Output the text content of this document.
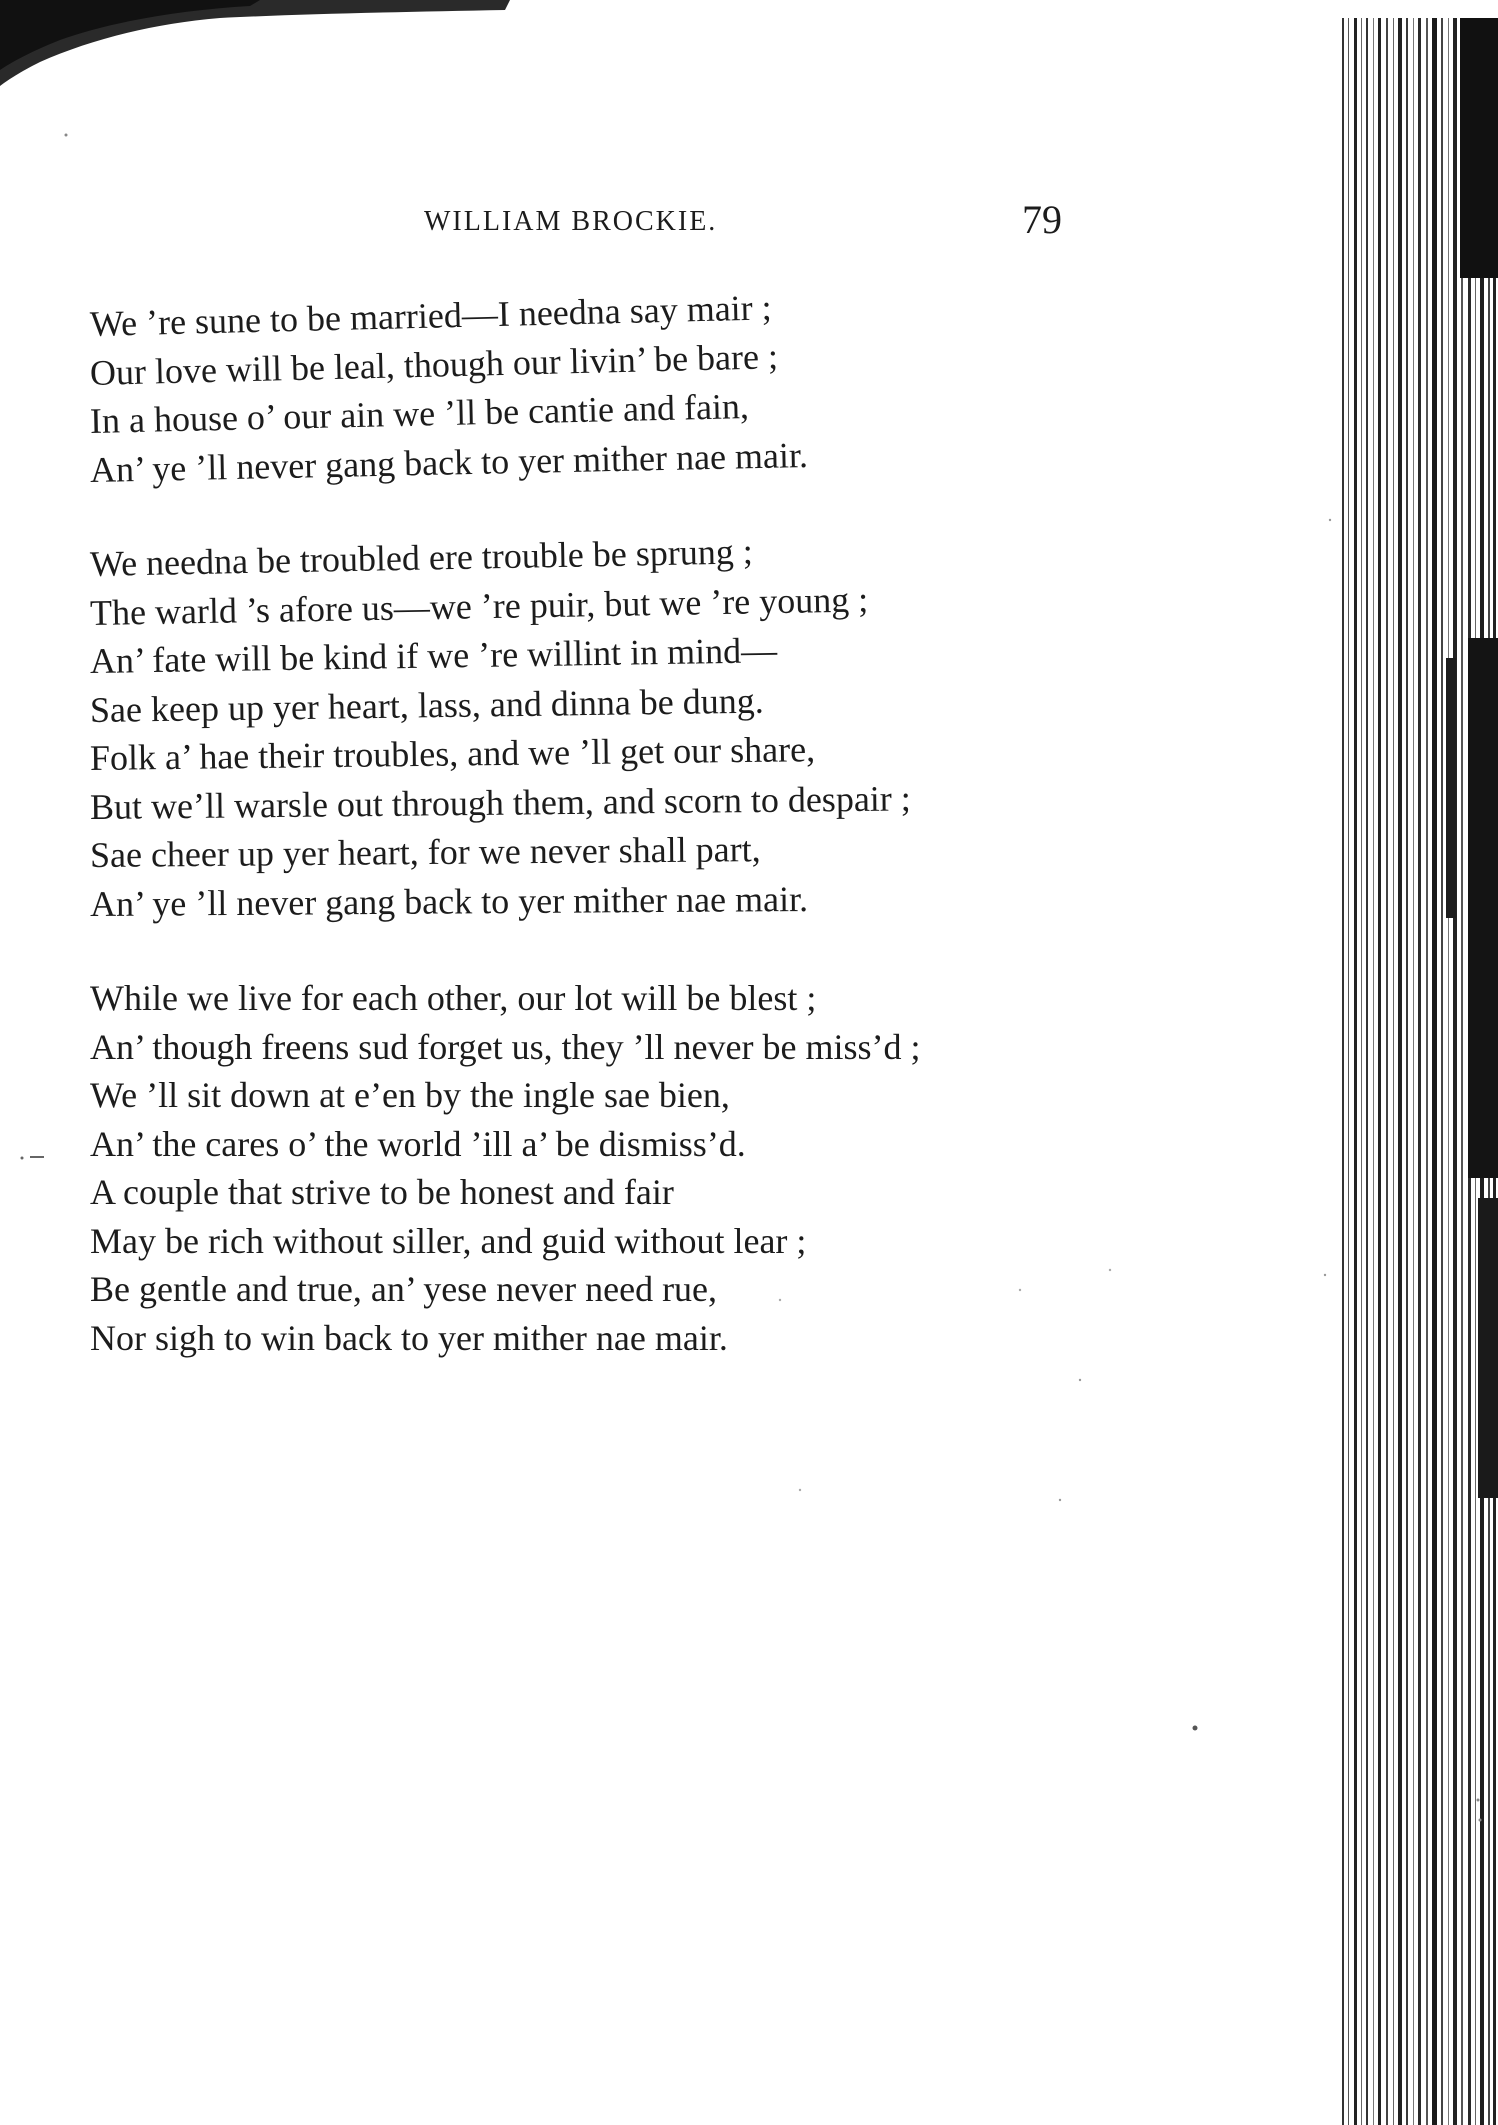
WILLIAM BROCKIE.	79
We ’re sune to be married—I needna say mair ;
Our love will be leal, though our livin’ be bare ;
In a house o’ our ain we ’ll be cantie and fain,
An’ ye ’ll never gang back to yer mither nae mair.
We needna be troubled ere trouble be sprung ;
The warld ’s afore us—we ’re puir, but we ’re young ;
An’ fate will be kind if we ’re willint in mind—
Sae keep up yer heart, lass, and dinna be dung.
Folk a’ hae their troubles, and we ’ll get our share,
But we’ll warsle out through them, and scorn to despair ;
Sae cheer up yer heart, for we never shall part,
An’ ye ’ll never gang back to yer mither nae mair.
While we live for each other, our lot will be blest ;
An’ though freens sud forget us, they ’ll never be miss’d ;
We ’ll sit down at e’en by the ingle sae bien,
An’ the cares o’ the world ’ill a’ be dismiss’d.
A couple that strive to be honest and fair
May be rich without siller, and guid without lear ;
Be gentle and true, an’ yese never need rue,
Nor sigh to win back to yer mither nae mair.
